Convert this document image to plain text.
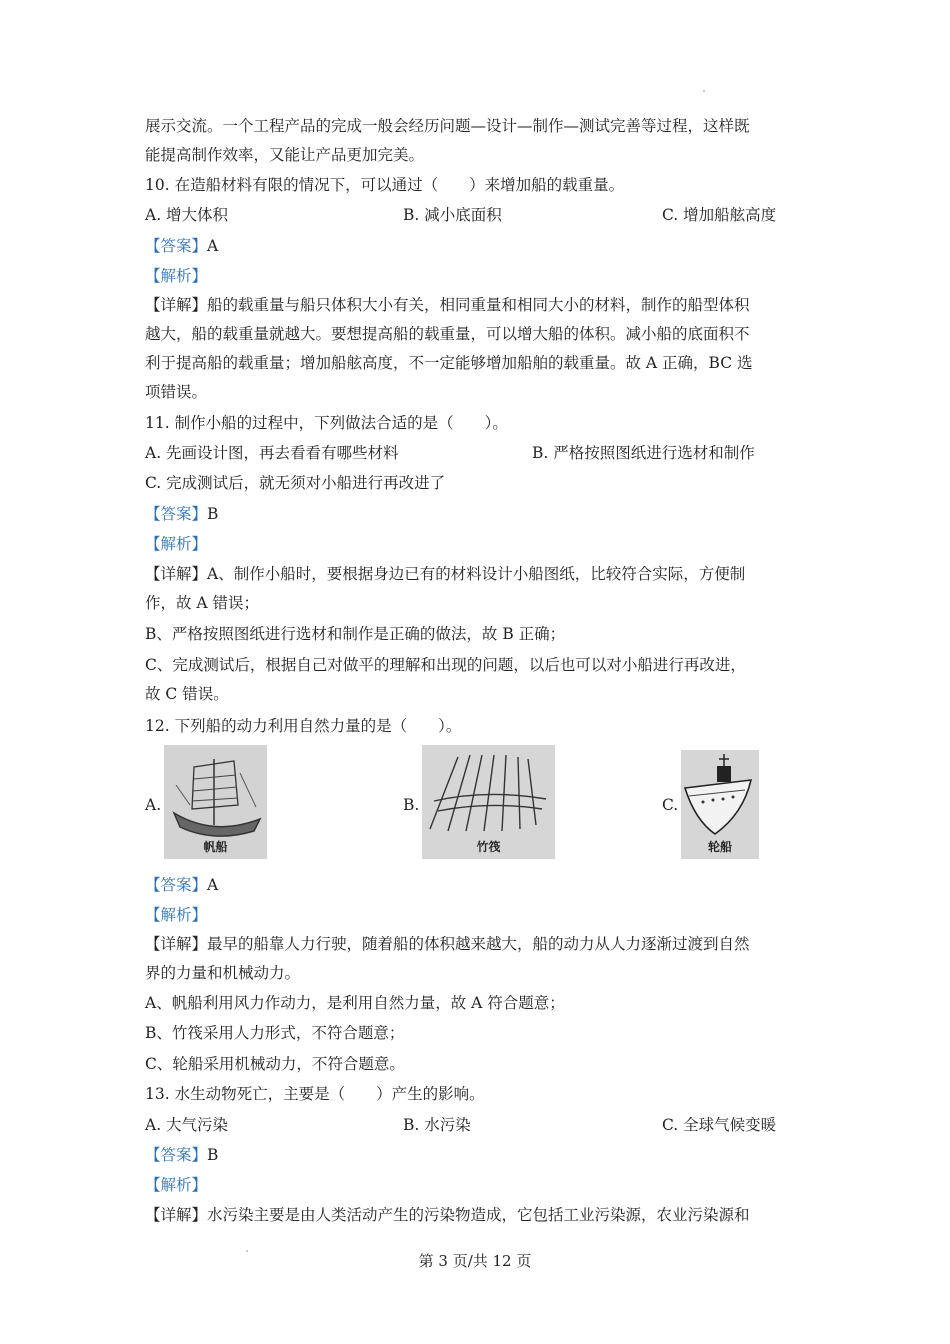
展示交流。一个工程产品的完成一般会经历问题—设计—制作—测试完善等过程，这样既
能提高制作效率，又能让产品更加完美。
10. 在造船材料有限的情况下，可以通过（　　）来增加船的载重量。
A. 增大体积	B. 减小底面积	C. 增加船舷高度
【答案】A
【解析】
【详解】船的载重量与船只体积大小有关，相同重量和相同大小的材料，制作的船型体积
越大，船的载重量就越大。要想提高船的载重量，可以增大船的体积。减小船的底面积不
利于提高船的载重量；增加船舷高度，不一定能够增加船舶的载重量。故 A 正确，BC 选
项错误。
11. 制作小船的过程中，下列做法合适的是（　　）。
A. 先画设计图，再去看看有哪些材料	B. 严格按照图纸进行选材和制作
C. 完成测试后，就无须对小船进行再改进了
【答案】B
【解析】
【详解】A、制作小船时，要根据身边已有的材料设计小船图纸，比较符合实际，方便制
作，故 A 错误；
B、严格按照图纸进行选材和制作是正确的做法，故 B 正确；
C、完成测试后，根据自己对做平的理解和出现的问题，以后也可以对小船进行再改进，
故 C 错误。
12. 下列船的动力利用自然力量的是（　　）。
A.
帆船
B.
竹筏
C.
轮船
【答案】A
【解析】
【详解】最早的船靠人力行驶，随着船的体积越来越大，船的动力从人力逐渐过渡到自然
界的力量和机械动力。
A、帆船利用风力作动力，是利用自然力量，故 A 符合题意；
B、竹筏采用人力形式，不符合题意；
C、轮船采用机械动力，不符合题意。
13. 水生动物死亡，主要是（　　）产生的影响。
A. 大气污染	B. 水污染	C. 全球气候变暖
【答案】B
【解析】
【详解】水污染主要是由人类活动产生的污染物造成，它包括工业污染源，农业污染源和
第 3 页/共 12 页
